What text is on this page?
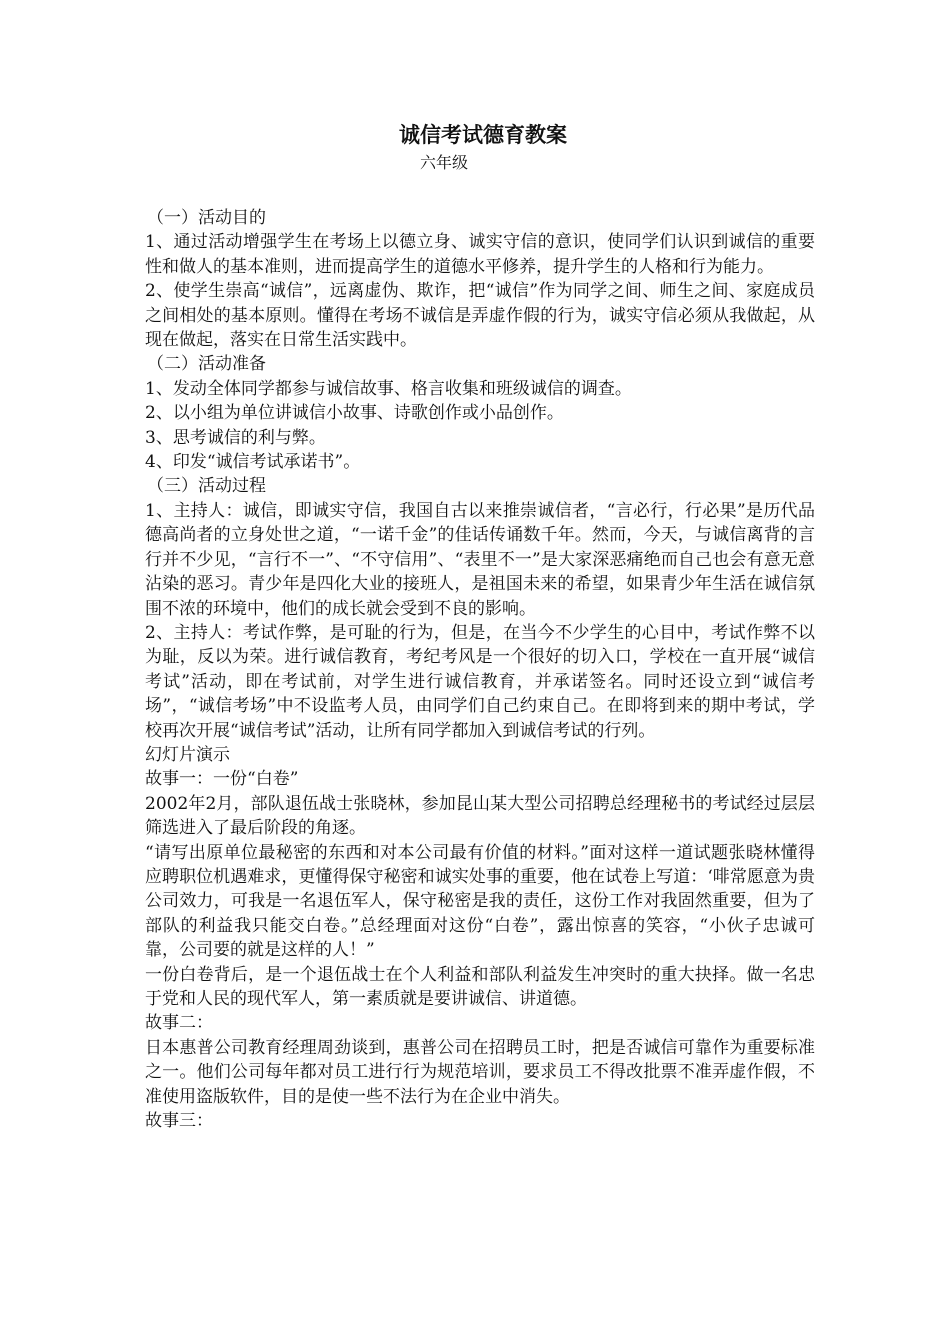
诚信考试德育教案
六年级

（一）活动目的

1、通过活动增强学生在考场上以德立身、诚实守信的意识，使同学们认识到诚信的重要性和做人的基本准则，进而提高学生的道德水平修养，提升学生的人格和行为能力。

2、使学生崇高“诚信”，远离虚伪、欺诈，把“诚信”作为同学之间、师生之间、家庭成员之间相处的基本原则。懂得在考场不诚信是弄虚作假的行为，诚实守信必须从我做起，从现在做起，落实在日常生活实践中。

（二）活动准备

1、发动全体同学都参与诚信故事、格言收集和班级诚信的调查。

2、以小组为单位讲诚信小故事、诗歌创作或小品创作。

3、思考诚信的利与弊。

4、印发“诚信考试承诺书”。

（三）活动过程

1、主持人：诚信，即诚实守信，我国自古以来推崇诚信者，“言必行，行必果”是历代品德高尚者的立身处世之道，“一诺千金”的佳话传诵数千年。然而，今天，与诚信离背的言行并不少见，“言行不一”、“不守信用”、“表里不一”是大家深恶痛绝而自己也会有意无意沾染的恶习。青少年是四化大业的接班人，是祖国未来的希望，如果青少年生活在诚信氛围不浓的环境中，他们的成长就会受到不良的影响。

2、主持人：考试作弊，是可耻的行为，但是，在当今不少学生的心目中，考试作弊不以为耻，反以为荣。进行诚信教育，考纪考风是一个很好的切入口，学校在一直开展“诚信考试”活动，即在考试前，对学生进行诚信教育，并承诺签名。同时还设立到“诚信考场”，“诚信考场”中不设监考人员，由同学们自己约束自己。在即将到来的期中考试，学校再次开展“诚信考试”活动，让所有同学都加入到诚信考试的行列。

幻灯片演示

故事一：一份“白卷”

2002年2月，部队退伍战士张晓林，参加昆山某大型公司招聘总经理秘书的考试经过层层筛选进入了最后阶段的角逐。

“请写出原单位最秘密的东西和对本公司最有价值的材料。”面对这样一道试题张晓林懂得应聘职位机遇难求，更懂得保守秘密和诚实处事的重要，他在试卷上写道：‘啡常愿意为贵公司效力，可我是一名退伍军人，保守秘密是我的责任，这份工作对我固然重要，但为了部队的利益我只能交白卷。”总经理面对这份“白卷”，露出惊喜的笑容，“小伙子忠诚可靠，公司要的就是这样的人！”

一份白卷背后，是一个退伍战士在个人利益和部队利益发生冲突时的重大抉择。做一名忠于党和人民的现代军人，第一素质就是要讲诚信、讲道德。

故事二：

日本惠普公司教育经理周劲谈到，惠普公司在招聘员工时，把是否诚信可靠作为重要标准之一。他们公司每年都对员工进行行为规范培训，要求员工不得改批票不准弄虚作假，不准使用盗版软件，目的是使一些不法行为在企业中消失。

故事三：
